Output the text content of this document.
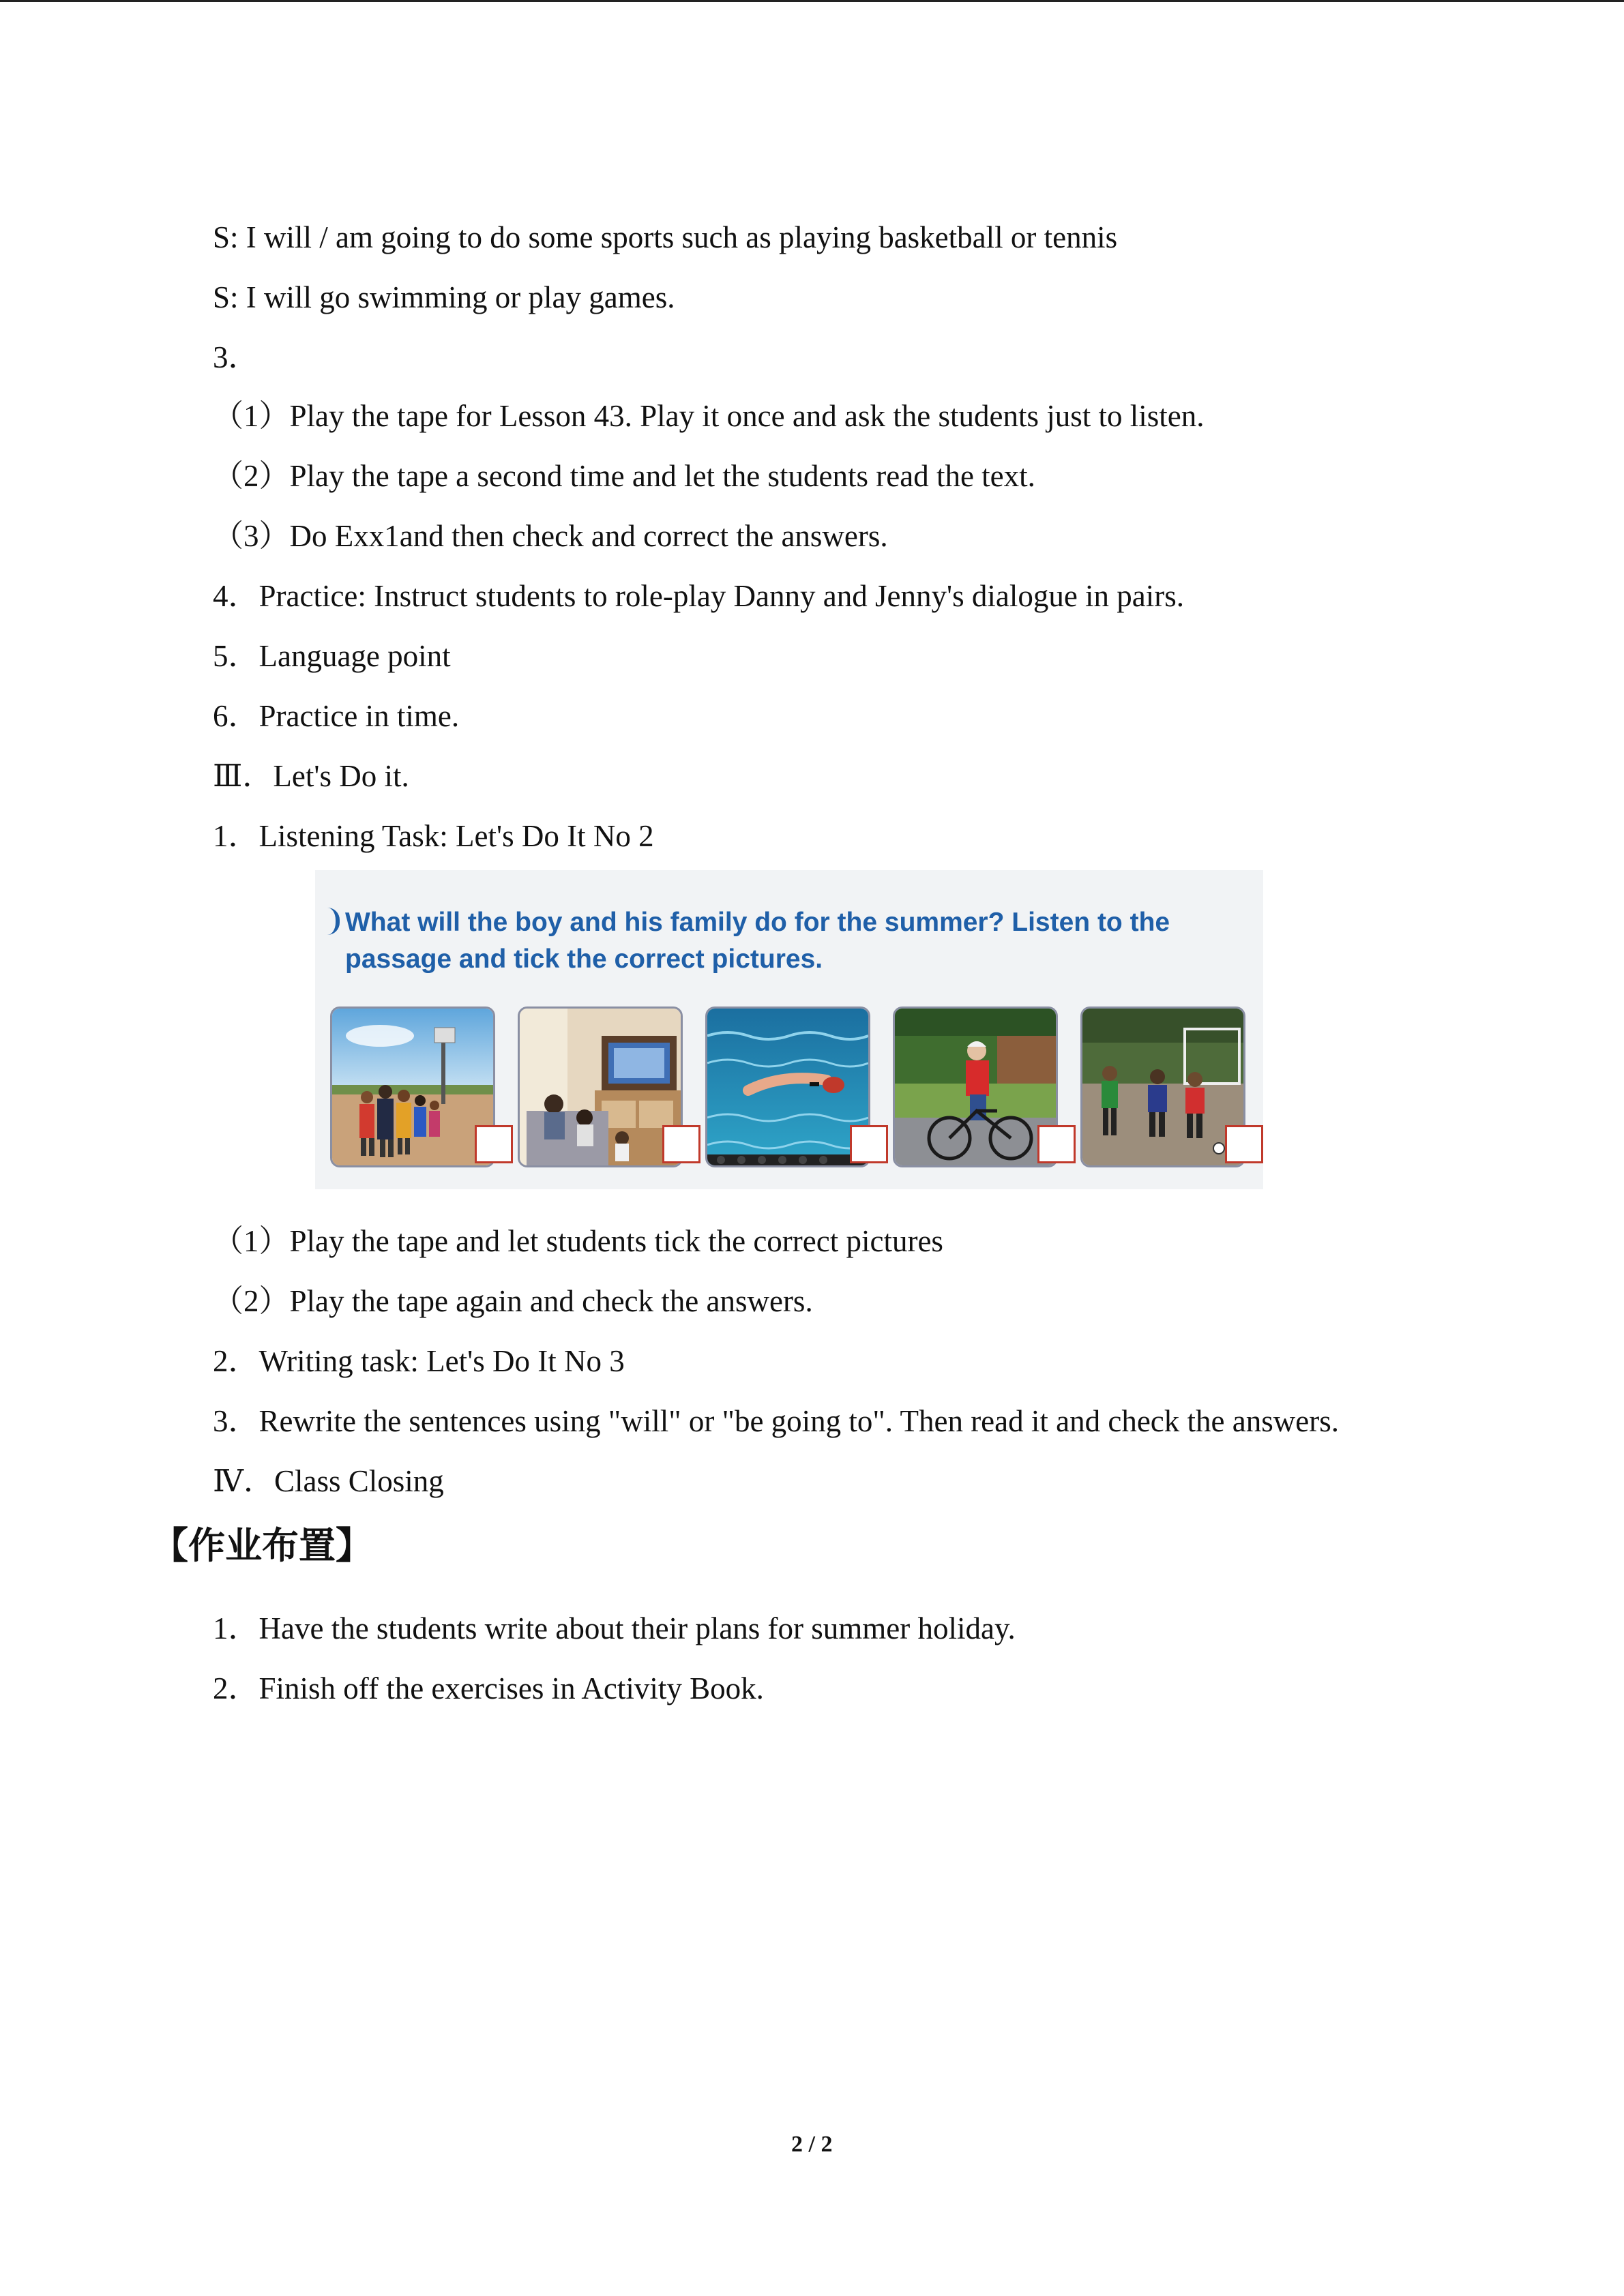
S: I will / am going to do some sports such as playing basketball or tennis
S: I will go swimming or play games.
3．
（1）Play the tape for Lesson 43. Play it once and ask the students just to listen.
（2）Play the tape a second time and let the students read the text.
（3）Do Exx1and then check and correct the answers.
4．Practice: Instruct students to role-play Danny and Jenny's dialogue in pairs.
5．Language point
6．Practice in time.
Ⅲ．Let's Do it.
1．Listening Task: Let's Do It No 2
What will the boy and his family do for the summer? Listen to the
passage and tick the correct pictures.
（1）Play the tape and let students tick the correct pictures
（2）Play the tape again and check the answers.
2．Writing task: Let's Do It No 3
3．Rewrite the sentences using "will" or "be going to". Then read it and check the answers.
Ⅳ．Class Closing
【作业布置】
1．Have the students write about their plans for summer holiday.
2．Finish off the exercises in Activity Book.
2 / 2
